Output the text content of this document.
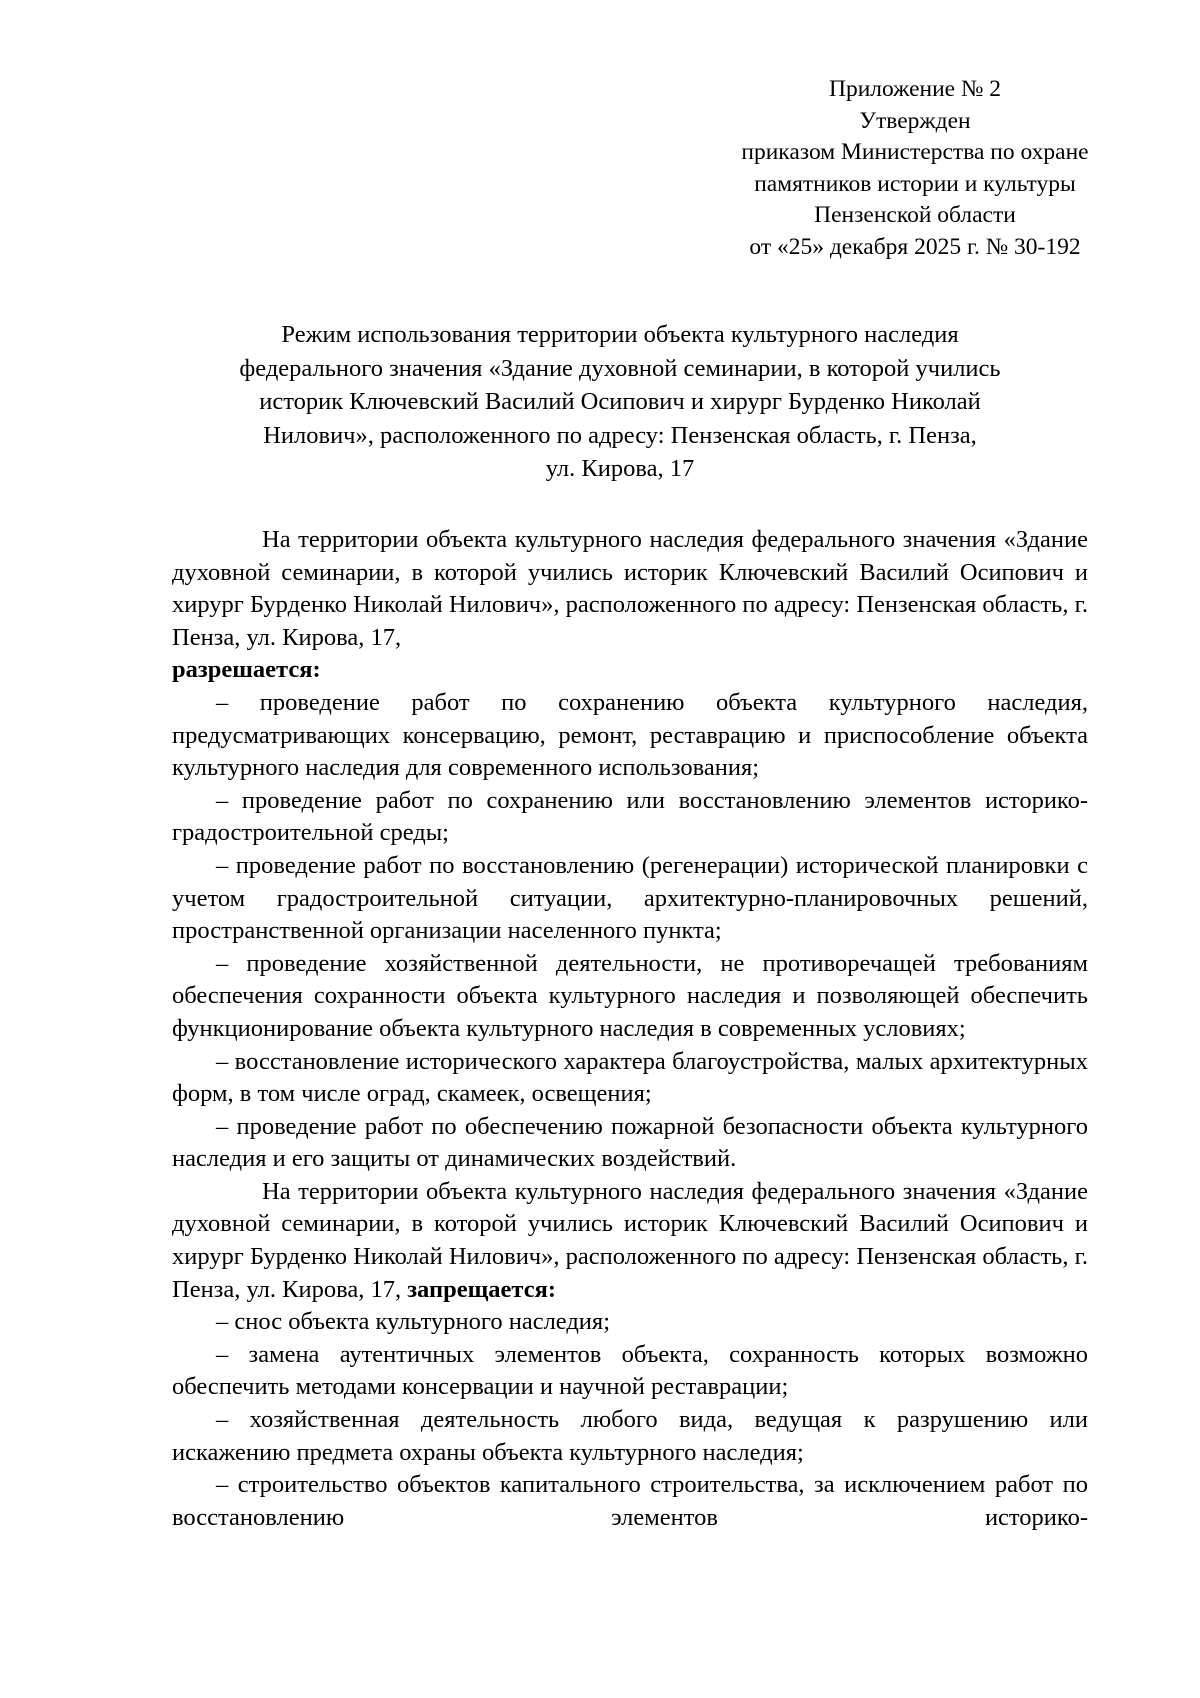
Приложение № 2
Утвержден
приказом Министерства по охране
памятников истории и культуры
Пензенской области
от «25» декабря 2025 г. № 30-192
Режим использования территории объекта культурного наследия
федерального значения «Здание духовной семинарии, в которой учились
историк Ключевский Василий Осипович и хирург Бурденко Николай
Нилович», расположенного по адресу: Пензенская область, г. Пенза,
ул. Кирова, 17

На территории объекта культурного наследия федерального значения «Здание духовной семинарии, в которой учились историк Ключевский Василий Осипович и хирург Бурденко Николай Нилович», расположенного по адресу: Пензенская область, г. Пенза, ул. Кирова, 17,
разрешается:

– проведение работ по сохранению объекта культурного наследия, предусматривающих консервацию, ремонт, реставрацию и приспособление объекта культурного наследия для современного использования;

– проведение работ по сохранению или восстановлению элементов историко-градостроительной среды;

– проведение работ по восстановлению (регенерации) исторической планировки с учетом градостроительной ситуации, архитектурно-планировочных решений, пространственной организации населенного пункта;

– проведение хозяйственной деятельности, не противоречащей требованиям обеспечения сохранности объекта культурного наследия и позволяющей обеспечить функционирование объекта культурного наследия в современных условиях;

– восстановление исторического характера благоустройства, малых архитектурных форм, в том числе оград, скамеек, освещения;

– проведение работ по обеспечению пожарной безопасности объекта культурного наследия и его защиты от динамических воздействий.

На территории объекта культурного наследия федерального значения «Здание духовной семинарии, в которой учились историк Ключевский Василий Осипович и хирург Бурденко Николай Нилович», расположенного по адресу: Пензенская область, г. Пенза, ул. Кирова, 17, запрещается:

– снос объекта культурного наследия;

– замена аутентичных элементов объекта, сохранность которых возможно обеспечить методами консервации и научной реставрации;

– хозяйственная деятельность любого вида, ведущая к разрушению или искажению предмета охраны объекта культурного наследия;

– строительство объектов капитального строительства, за исключением работ по восстановлению элементов историко-
